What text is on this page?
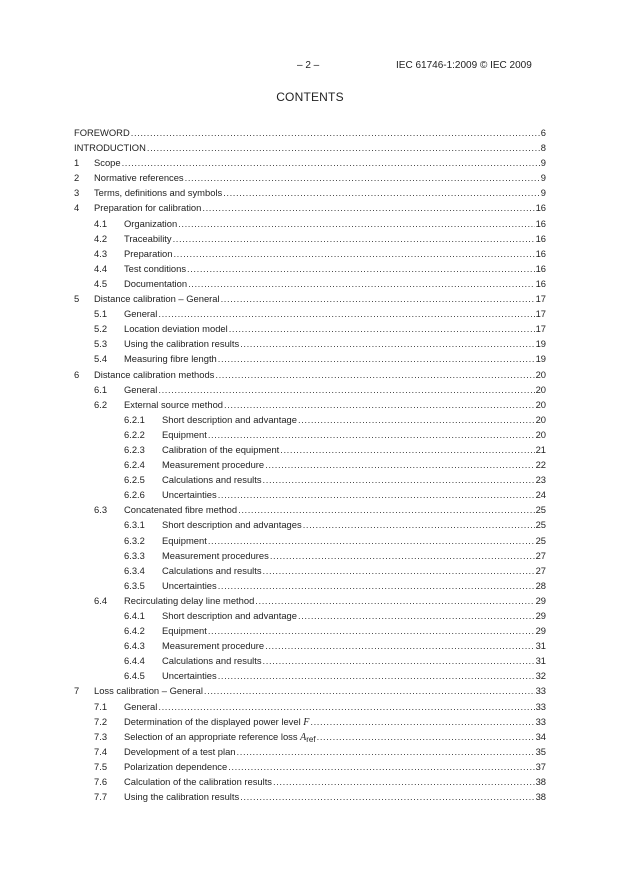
– 2 –	IEC 61746-1:2009 © IEC 2009
CONTENTS
FOREWORD .....	6
INTRODUCTION .....	8
1	Scope .....	9
2	Normative references .....	9
3	Terms, definitions and symbols .....	9
4	Preparation for calibration .....	16
4.1	Organization .....	16
4.2	Traceability .....	16
4.3	Preparation .....	16
4.4	Test conditions .....	16
4.5	Documentation .....	16
5	Distance calibration – General .....	17
5.1	General .....	17
5.2	Location deviation model .....	17
5.3	Using the calibration results .....	19
5.4	Measuring fibre length .....	19
6	Distance calibration methods .....	20
6.1	General .....	20
6.2	External source method .....	20
6.2.1	Short description and advantage .....	20
6.2.2	Equipment .....	20
6.2.3	Calibration of the equipment .....	21
6.2.4	Measurement procedure .....	22
6.2.5	Calculations and results .....	23
6.2.6	Uncertainties .....	24
6.3	Concatenated fibre method .....	25
6.3.1	Short description and advantages .....	25
6.3.2	Equipment .....	25
6.3.3	Measurement procedures .....	27
6.3.4	Calculations and results .....	27
6.3.5	Uncertainties .....	28
6.4	Recirculating delay line method .....	29
6.4.1	Short description and advantage .....	29
6.4.2	Equipment .....	29
6.4.3	Measurement procedure .....	31
6.4.4	Calculations and results .....	31
6.4.5	Uncertainties .....	32
7	Loss calibration – General .....	33
7.1	General .....	33
7.2	Determination of the displayed power level F .....	33
7.3	Selection of an appropriate reference loss $A_{ref}$ .....	34
7.4	Development of a test plan .....	35
7.5	Polarization dependence .....	37
7.6	Calculation of the calibration results .....	38
7.7	Using the calibration results .....	38
